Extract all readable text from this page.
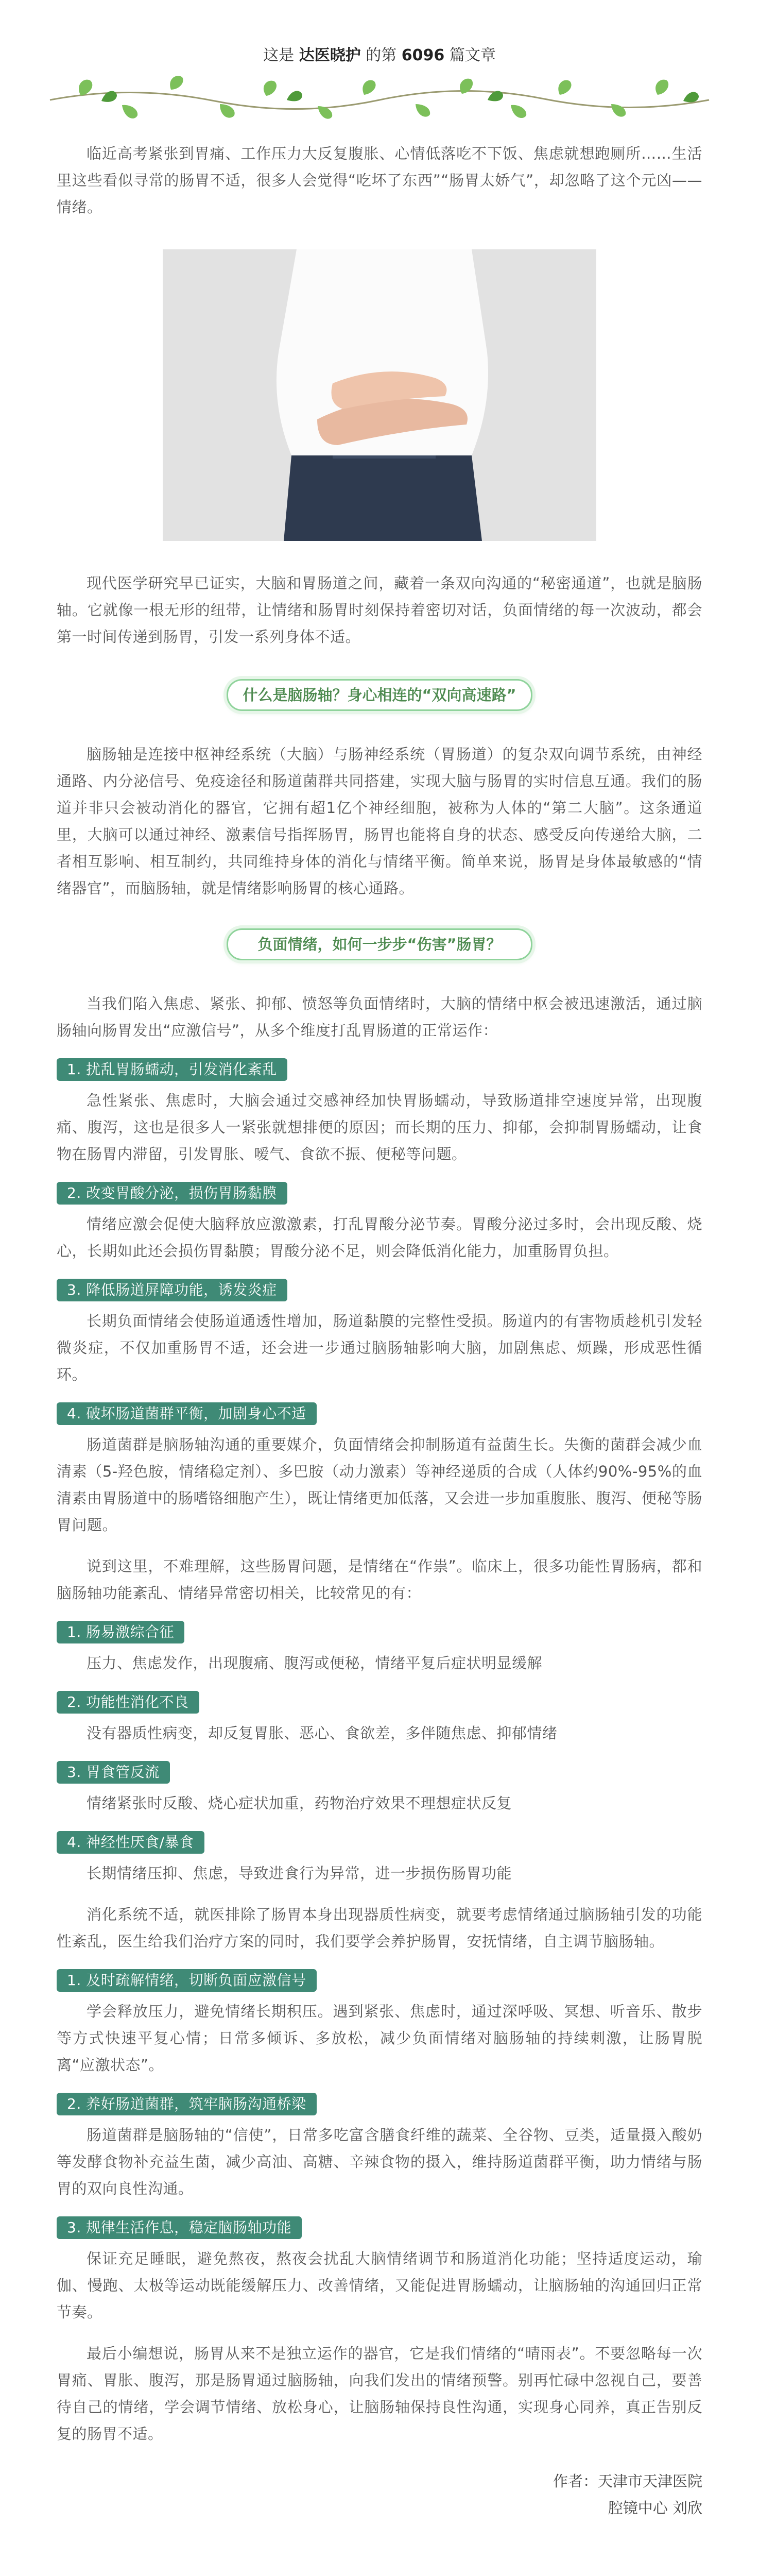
这是 达医晓护 的第 6096 篇文章

临近高考紧张到胃痛、工作压力大反复腹胀、心情低落吃不下饭、焦虑就想跑厕所……生活里这些看似寻常的肠胃不适，很多人会觉得“吃坏了东西”“肠胃太娇气”，却忽略了这个元凶——情绪。

现代医学研究早已证实，大脑和胃肠道之间，藏着一条双向沟通的“秘密通道”，也就是脑肠轴。它就像一根无形的纽带，让情绪和肠胃时刻保持着密切对话，负面情绪的每一次波动，都会第一时间传递到肠胃，引发一系列身体不适。

什么是脑肠轴？身心相连的“双向高速路”

脑肠轴是连接中枢神经系统（大脑）与肠神经系统（胃肠道）的复杂双向调节系统，由神经通路、内分泌信号、免疫途径和肠道菌群共同搭建，实现大脑与肠胃的实时信息互通。我们的肠道并非只会被动消化的器官，它拥有超1亿个神经细胞，被称为人体的“第二大脑”。这条通道里，大脑可以通过神经、激素信号指挥肠胃，肠胃也能将自身的状态、感受反向传递给大脑，二者相互影响、相互制约，共同维持身体的消化与情绪平衡。简单来说，肠胃是身体最敏感的“情绪器官”，而脑肠轴，就是情绪影响肠胃的核心通路。

负面情绪，如何一步步“伤害”肠胃？

当我们陷入焦虑、紧张、抑郁、愤怒等负面情绪时，大脑的情绪中枢会被迅速激活，通过脑肠轴向肠胃发出“应激信号”，从多个维度打乱胃肠道的正常运作：

1. 扰乱胃肠蠕动，引发消化紊乱

急性紧张、焦虑时，大脑会通过交感神经加快胃肠蠕动，导致肠道排空速度异常，出现腹痛、腹泻，这也是很多人一紧张就想排便的原因；而长期的压力、抑郁，会抑制胃肠蠕动，让食物在肠胃内滞留，引发胃胀、嗳气、食欲不振、便秘等问题。

2. 改变胃酸分泌，损伤胃肠黏膜

情绪应激会促使大脑释放应激激素，打乱胃酸分泌节奏。胃酸分泌过多时，会出现反酸、烧心，长期如此还会损伤胃黏膜；胃酸分泌不足，则会降低消化能力，加重肠胃负担。

3. 降低肠道屏障功能，诱发炎症

长期负面情绪会使肠道通透性增加，肠道黏膜的完整性受损。肠道内的有害物质趁机引发轻微炎症，不仅加重肠胃不适，还会进一步通过脑肠轴影响大脑，加剧焦虑、烦躁，形成恶性循环。

4. 破坏肠道菌群平衡，加剧身心不适

肠道菌群是脑肠轴沟通的重要媒介，负面情绪会抑制肠道有益菌生长。失衡的菌群会减少血清素（5-羟色胺，情绪稳定剂）、多巴胺（动力激素）等神经递质的合成（人体约90%-95%的血清素由胃肠道中的肠嗜铬细胞产生），既让情绪更加低落，又会进一步加重腹胀、腹泻、便秘等肠胃问题。

说到这里，不难理解，这些肠胃问题，是情绪在“作祟”。临床上，很多功能性胃肠病，都和脑肠轴功能紊乱、情绪异常密切相关，比较常见的有：

1. 肠易激综合征

压力、焦虑发作，出现腹痛、腹泻或便秘，情绪平复后症状明显缓解

2. 功能性消化不良

没有器质性病变，却反复胃胀、恶心、食欲差，多伴随焦虑、抑郁情绪

3. 胃食管反流

情绪紧张时反酸、烧心症状加重，药物治疗效果不理想症状反复

4. 神经性厌食/暴食

长期情绪压抑、焦虑，导致进食行为异常，进一步损伤肠胃功能

消化系统不适，就医排除了肠胃本身出现器质性病变，就要考虑情绪通过脑肠轴引发的功能性紊乱，医生给我们治疗方案的同时，我们要学会养护肠胃，安抚情绪，自主调节脑肠轴。

1. 及时疏解情绪，切断负面应激信号

学会释放压力，避免情绪长期积压。遇到紧张、焦虑时，通过深呼吸、冥想、听音乐、散步等方式快速平复心情；日常多倾诉、多放松，减少负面情绪对脑肠轴的持续刺激，让肠胃脱离“应激状态”。

2. 养好肠道菌群，筑牢脑肠沟通桥梁

肠道菌群是脑肠轴的“信使”，日常多吃富含膳食纤维的蔬菜、全谷物、豆类，适量摄入酸奶等发酵食物补充益生菌，减少高油、高糖、辛辣食物的摄入，维持肠道菌群平衡，助力情绪与肠胃的双向良性沟通。

3. 规律生活作息，稳定脑肠轴功能

保证充足睡眠，避免熬夜，熬夜会扰乱大脑情绪调节和肠道消化功能；坚持适度运动，瑜伽、慢跑、太极等运动既能缓解压力、改善情绪，又能促进胃肠蠕动，让脑肠轴的沟通回归正常节奏。

最后小编想说，肠胃从来不是独立运作的器官，它是我们情绪的“晴雨表”。不要忽略每一次胃痛、胃胀、腹泻，那是肠胃通过脑肠轴，向我们发出的情绪预警。别再忙碌中忽视自己，要善待自己的情绪，学会调节情绪、放松身心，让脑肠轴保持良性沟通，实现身心同养，真正告别反复的肠胃不适。

作者：天津市天津医院
腔镜中心 刘欣
